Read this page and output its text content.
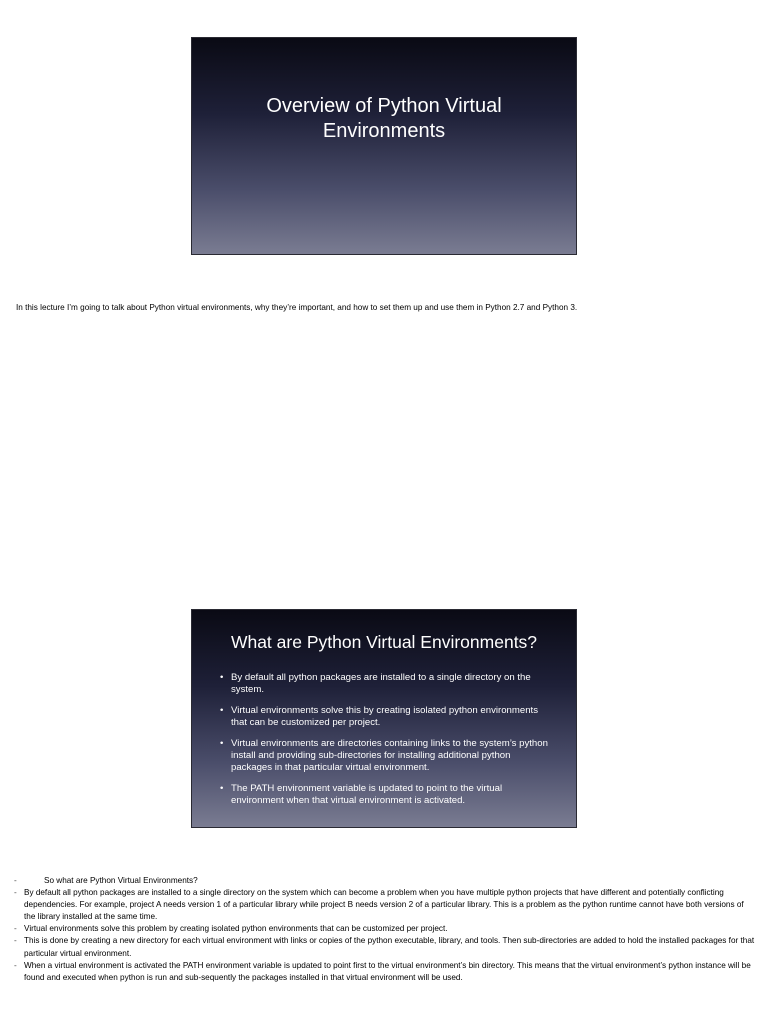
Overview of Python Virtual Environments

In this lecture I’m going to talk about Python virtual environments, why they’re important, and how to set them up and use them in Python 2.7 and Python 3.

What are Python Virtual Environments?
• By default all python packages are installed to a single directory on the system.
• Virtual environments solve this by creating isolated python environments that can be customized per project.
• Virtual environments are directories containing links to the system’s python install and providing sub-directories for installing additional python packages in that particular virtual environment.
• The PATH environment variable is updated to point to the virtual environment when that virtual environment is activated.
- So what are Python Virtual Environments?
- By default all python packages are installed to a single directory on the system which can become a problem when you have multiple python projects that have different and potentially conflicting dependencies. For example, project A needs version 1 of a particular library while project B needs version 2 of a particular library. This is a problem as the python runtime cannot have both versions of the library installed at the same time.
- Virtual environments solve this problem by creating isolated python environments that can be customized per project.
- This is done by creating a new directory for each virtual environment with links or copies of the python executable, library, and tools. Then sub-directories are added to hold the installed packages for that particular virtual environment.
- When a virtual environment is activated the PATH environment variable is updated to point first to the virtual environment’s bin directory. This means that the virtual environment’s python instance will be found and executed when python is run and sub-sequently the packages installed in that virtual environment will be used.
